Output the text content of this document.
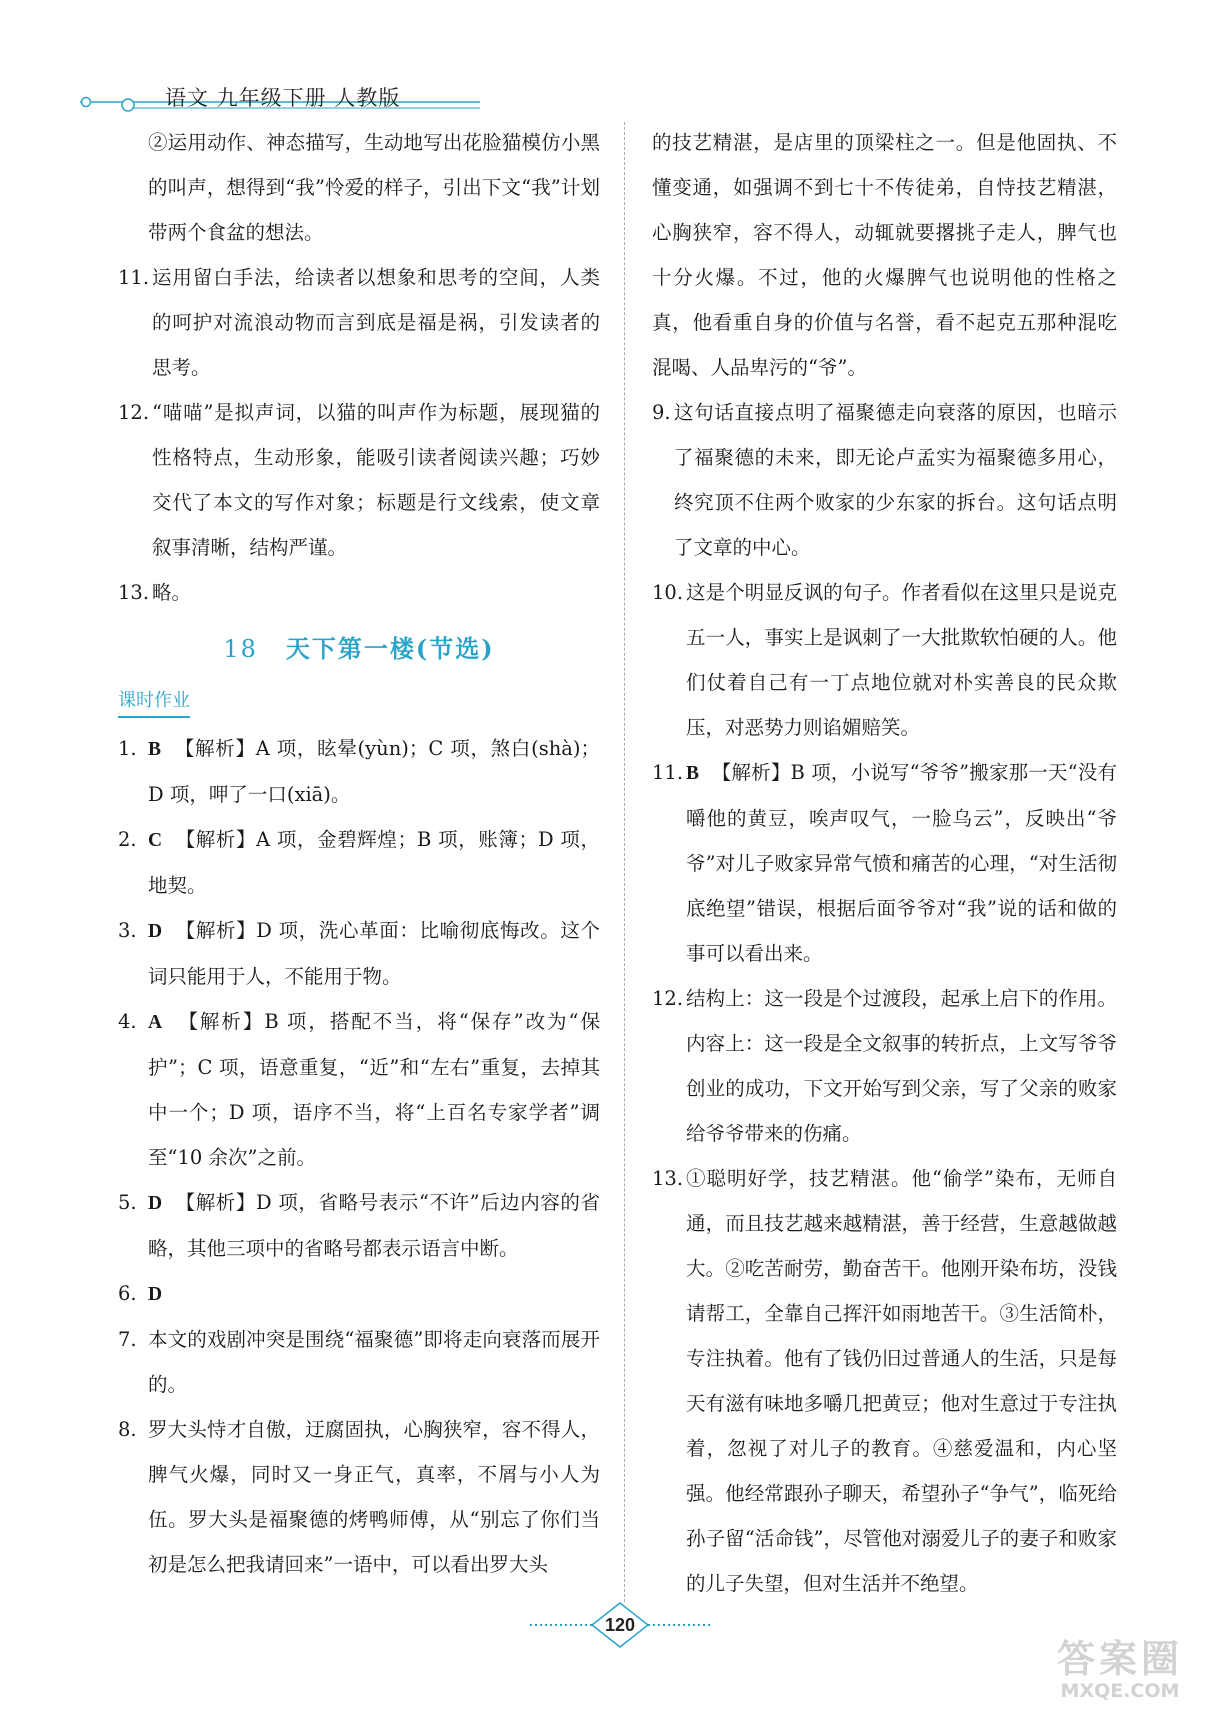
语文 九年级下册 人教版

②运用动作、神态描写，生动地写出花脸猫模仿小黑的叫声，想得到“我”怜爱的样子，引出下文“我”计划带两个食盆的想法。

11. 运用留白手法，给读者以想象和思考的空间，人类的呵护对流浪动物而言到底是福是祸，引发读者的思考。

12. “喵喵”是拟声词，以猫的叫声作为标题，展现猫的性格特点，生动形象，能吸引读者阅读兴趣；巧妙交代了本文的写作对象；标题是行文线索，使文章叙事清晰，结构严谨。

13. 略。

18 天下第一楼(节选)
课时作业

1. B 【解析】A 项，眩晕(yùn)；C 项，煞白(shà)；D 项，呷了一口(xiā)。

2. C 【解析】A 项，金碧辉煌；B 项，账簿；D 项，地契。

3. D 【解析】D 项，洗心革面：比喻彻底悔改。这个词只能用于人，不能用于物。

4. A 【解析】B 项，搭配不当，将“保存”改为“保护”；C 项，语意重复，“近”和“左右”重复，去掉其中一个；D 项，语序不当，将“上百名专家学者”调至“10 余次”之前。

5. D 【解析】D 项，省略号表示“不许”后边内容的省略，其他三项中的省略号都表示语言中断。

6. D

7. 本文的戏剧冲突是围绕“福聚德”即将走向衰落而展开的。

8. 罗大头恃才自傲，迂腐固执，心胸狭窄，容不得人，脾气火爆，同时又一身正气，真率，不屑与小人为伍。罗大头是福聚德的烤鸭师傅，从“别忘了你们当初是怎么把我请回来”一语中，可以看出罗大头

的技艺精湛，是店里的顶梁柱之一。但是他固执、不懂变通，如强调不到七十不传徒弟，自恃技艺精湛，心胸狭窄，容不得人，动辄就要撂挑子走人，脾气也十分火爆。不过，他的火爆脾气也说明他的性格之真，他看重自身的价值与名誉，看不起克五那种混吃混喝、人品卑污的“爷”。

9. 这句话直接点明了福聚德走向衰落的原因，也暗示了福聚德的未来，即无论卢孟实为福聚德多用心，终究顶不住两个败家的少东家的拆台。这句话点明了文章的中心。

10. 这是个明显反讽的句子。作者看似在这里只是说克五一人，事实上是讽刺了一大批欺软怕硬的人。他们仗着自己有一丁点地位就对朴实善良的民众欺压，对恶势力则谄媚赔笑。

11. B 【解析】B 项，小说写“爷爷”搬家那一天“没有嚼他的黄豆，唉声叹气，一脸乌云”，反映出“爷爷”对儿子败家异常气愤和痛苦的心理，“对生活彻底绝望”错误，根据后面爷爷对“我”说的话和做的事可以看出来。

12. 结构上：这一段是个过渡段，起承上启下的作用。内容上：这一段是全文叙事的转折点，上文写爷爷创业的成功，下文开始写到父亲，写了父亲的败家给爷爷带来的伤痛。

13. ①聪明好学，技艺精湛。他“偷学”染布，无师自通，而且技艺越来越精湛，善于经营，生意越做越大。②吃苦耐劳，勤奋苦干。他刚开染布坊，没钱请帮工，全靠自己挥汗如雨地苦干。③生活简朴，专注执着。他有了钱仍旧过普通人的生活，只是每天有滋有味地多嚼几把黄豆；他对生意过于专注执着，忽视了对儿子的教育。④慈爱温和，内心坚强。他经常跟孙子聊天，希望孙子“争气”，临死给孙子留“活命钱”，尽管他对溺爱儿子的妻子和败家的儿子失望，但对生活并不绝望。

120
答案圈
MXQE.COM
